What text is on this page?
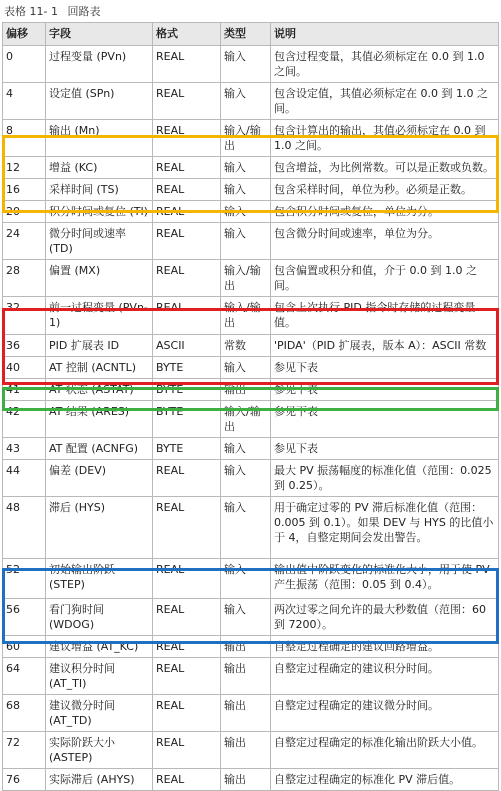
表格 11- 1 回路表
偏移	字段	格式	类型	说明
0	过程变量 (PVn)	REAL	输入	包含过程变量，其值必须标定在 0.0 到 1.0 之间。
4	设定值 (SPn)	REAL	输入	包含设定值，其值必须标定在 0.0 到 1.0 之间。
8	输出 (Mn)	REAL	输入/输出	包含计算出的输出，其值必须标定在 0.0 到 1.0 之间。
12	增益 (KC)	REAL	输入	包含增益，为比例常数。可以是正数或负数。
16	采样时间 (TS)	REAL	输入	包含采样时间，单位为秒。必须是正数。
20	积分时间或复位 (TI)	REAL	输入	包含积分时间或复位，单位为分。
24	微分时间或速率 (TD)	REAL	输入	包含微分时间或速率，单位为分。
28	偏置 (MX)	REAL	输入/输出	包含偏置或积分和值，介于 0.0 到 1.0 之间。
32	前一过程变量 (PVn-1)	REAL	输入/输出	包含上次执行 PID 指令时存储的过程变量值。
36	PID 扩展表 ID	ASCII	常数	'PIDA'（PID 扩展表，版本 A）：ASCII 常数
40	AT 控制 (ACNTL)	BYTE	输入	参见下表
41	AT 状态 (ASTAT)	BYTE	输出	参见下表
42	AT 结果 (ARES)	BYTE	输入/输出	参见下表
43	AT 配置 (ACNFG)	BYTE	输入	参见下表
44	偏差 (DEV)	REAL	输入	最大 PV 振荡幅度的标准化值（范围：0.025 到 0.25）。
48	滞后 (HYS)	REAL	输入	用于确定过零的 PV 滞后标准化值（范围：0.005 到 0.1）。如果 DEV 与 HYS 的比值小于 4，自整定期间会发出警告。
52	初始输出阶跃 (STEP)	REAL	输入	输出值中阶跃变化的标准化大小，用于使 PV 产生振荡（范围：0.05 到 0.4）。
56	看门狗时间 (WDOG)	REAL	输入	两次过零之间允许的最大秒数值（范围：60 到 7200）。
60	建议增益 (AT_KC)	REAL	输出	自整定过程确定的建议回路增益。
64	建议积分时间 (AT_TI)	REAL	输出	自整定过程确定的建议积分时间。
68	建议微分时间 (AT_TD)	REAL	输出	自整定过程确定的建议微分时间。
72	实际阶跃大小 (ASTEP)	REAL	输出	自整定过程确定的标准化输出阶跃大小值。
76	实际滞后 (AHYS)	REAL	输出	自整定过程确定的标准化 PV 滞后值。
